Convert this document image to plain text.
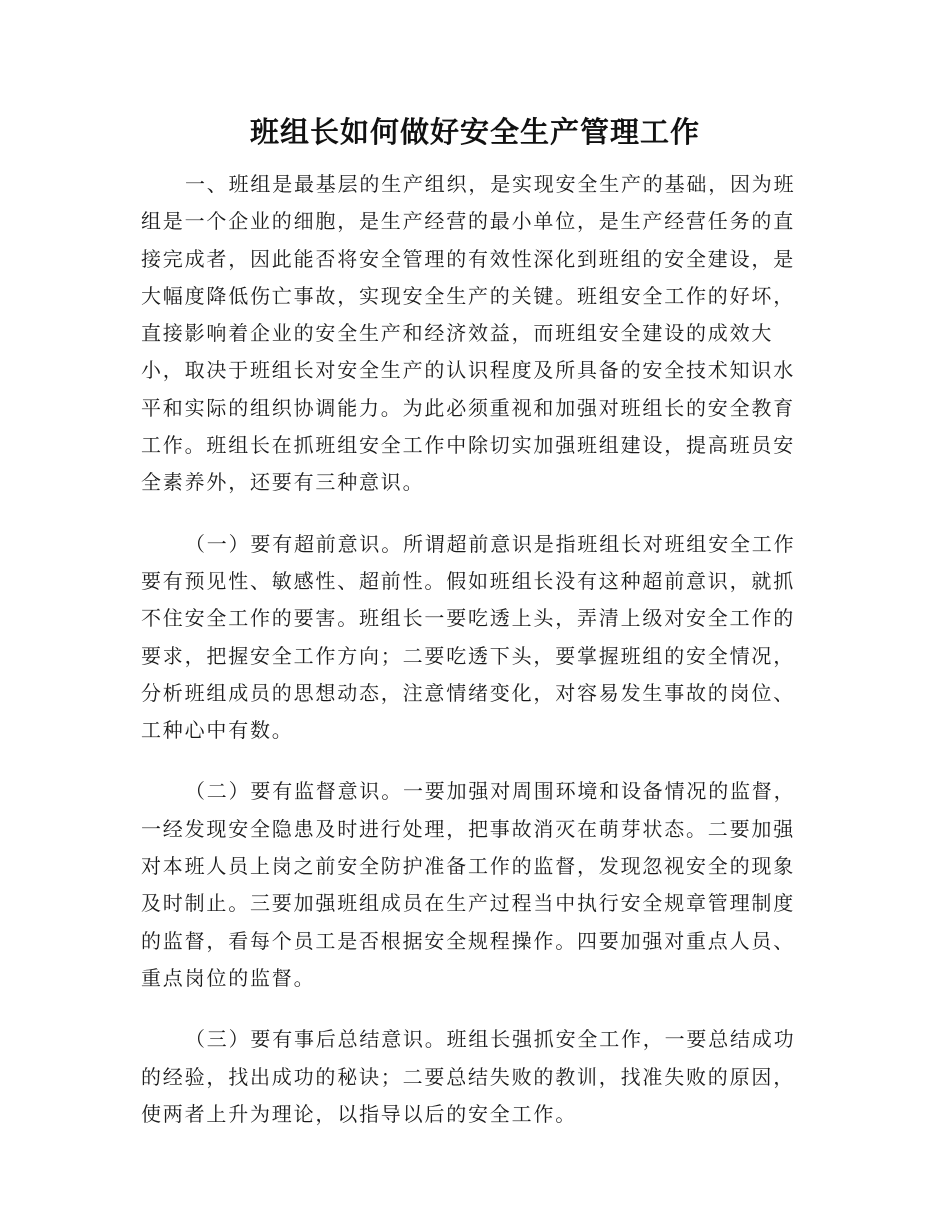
班组长如何做好安全生产管理工作

一、班组是最基层的生产组织，是实现安全生产的基础，因为班组是一个企业的细胞，是生产经营的最小单位，是生产经营任务的直接完成者，因此能否将安全管理的有效性深化到班组的安全建设，是大幅度降低伤亡事故，实现安全生产的关键。班组安全工作的好坏，直接影响着企业的安全生产和经济效益，而班组安全建设的成效大小，取决于班组长对安全生产的认识程度及所具备的安全技术知识水平和实际的组织协调能力。为此必须重视和加强对班组长的安全教育工作。班组长在抓班组安全工作中除切实加强班组建设，提高班员安全素养外，还要有三种意识。

（一）要有超前意识。所谓超前意识是指班组长对班组安全工作要有预见性、敏感性、超前性。假如班组长没有这种超前意识，就抓不住安全工作的要害。班组长一要吃透上头，弄清上级对安全工作的要求，把握安全工作方向；二要吃透下头，要掌握班组的安全情况，分析班组成员的思想动态，注意情绪变化，对容易发生事故的岗位、工种心中有数。

（二）要有监督意识。一要加强对周围环境和设备情况的监督，一经发现安全隐患及时进行处理，把事故消灭在萌芽状态。二要加强对本班人员上岗之前安全防护准备工作的监督，发现忽视安全的现象及时制止。三要加强班组成员在生产过程当中执行安全规章管理制度的监督，看每个员工是否根据安全规程操作。四要加强对重点人员、重点岗位的监督。

（三）要有事后总结意识。班组长强抓安全工作，一要总结成功的经验，找出成功的秘诀；二要总结失败的教训，找准失败的原因，使两者上升为理论，以指导以后的安全工作。
